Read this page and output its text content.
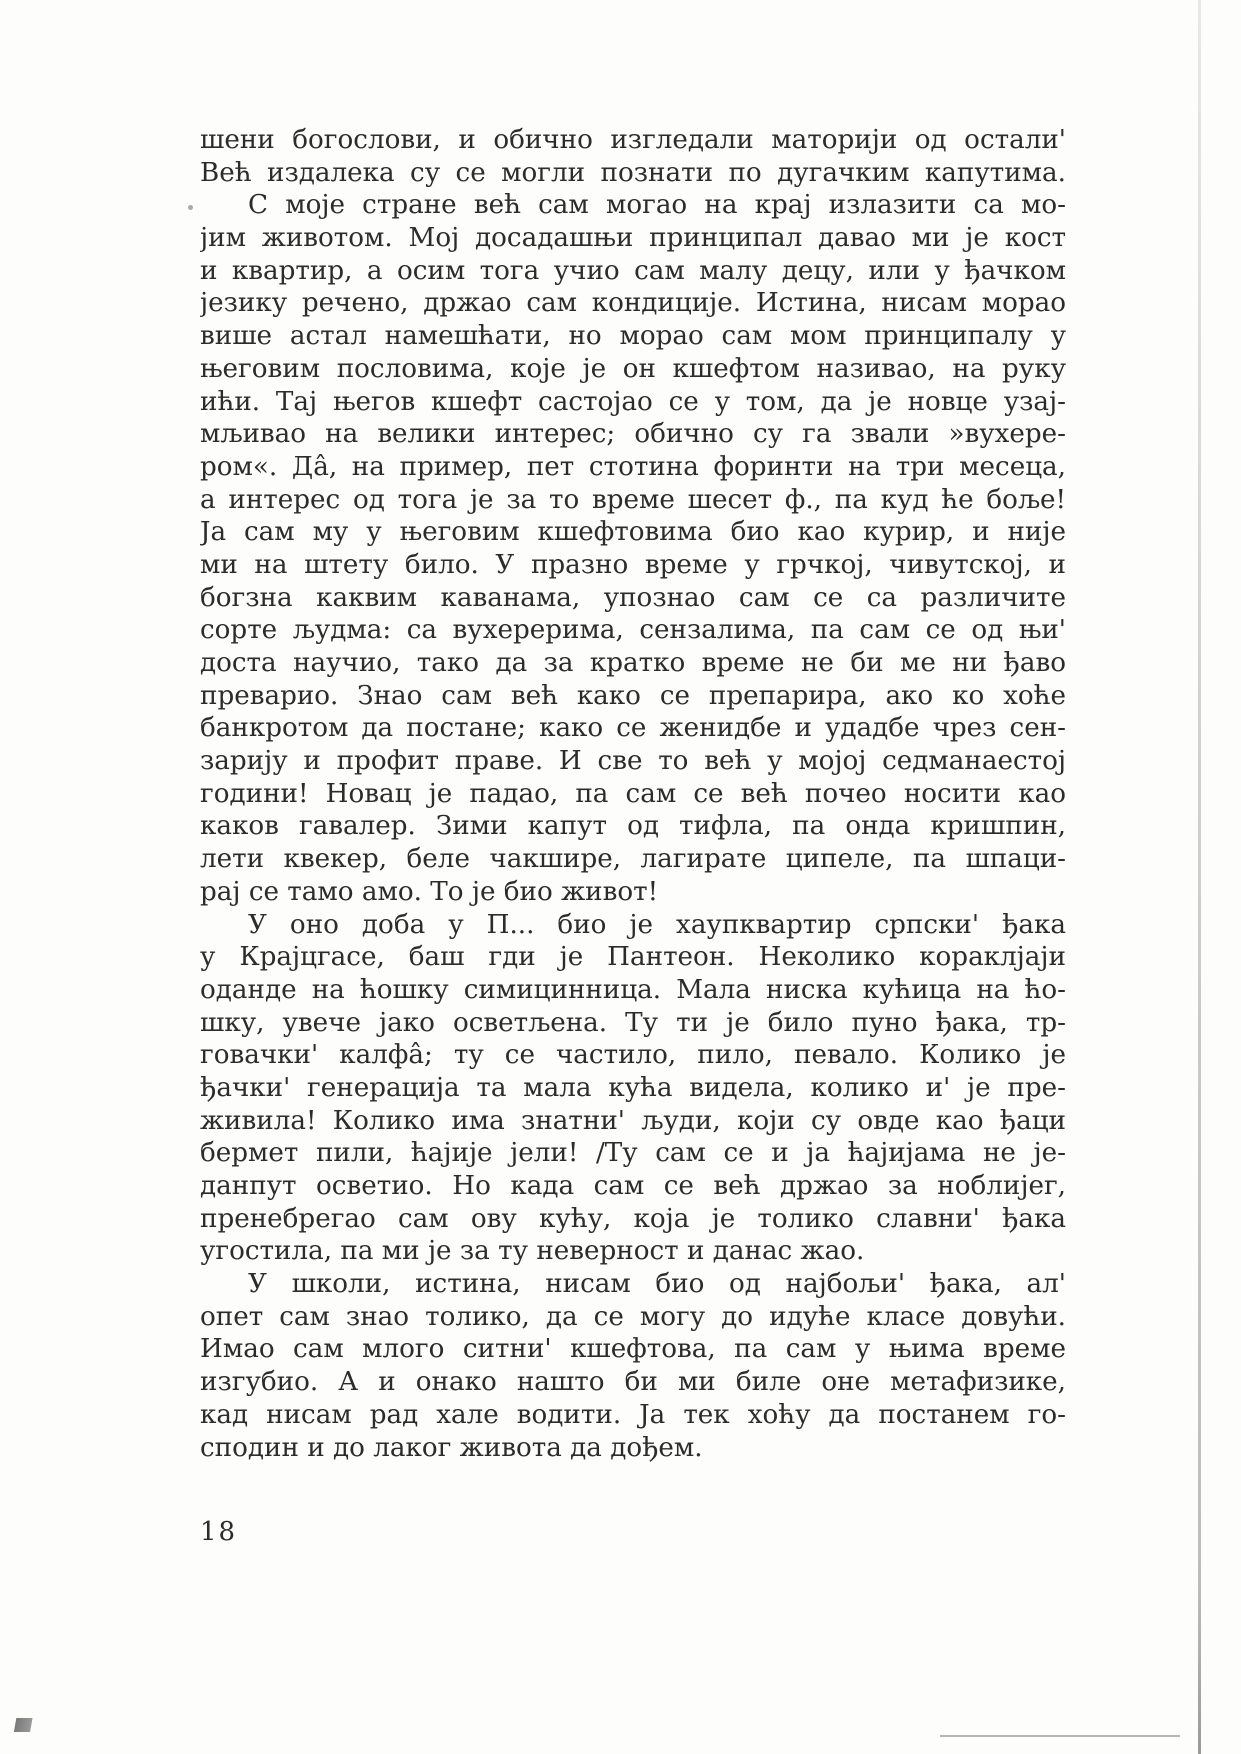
шени богослови, и обично изгледали маторији од остали'
Већ издалека су се могли познати по дугачким капутима.
С моје стране већ сам могао на крај излазити са мо-
јим животом. Мој досадашњи принципал давао ми је кост
и квартир, а осим тога учио сам малу децу, или у ђачком
језику речено, држао сам кондиције. Истина, нисам морао
више астал намешћати, но морао сам мом принципалу у
његовим пословима, које је он кшефтом називао, на руку
ићи. Тај његов кшефт састојао се у том, да је новце узај-
мљивао на велики интерес; обично су га звали »вухере-
ром«. Дâ, на пример, пет стотина форинти на три месеца,
а интерес од тога је за то време шесет ф., па куд ће боље!
Ја сам му у његовим кшефтовима био као курир, и није
ми на штету било. У празно време у грчкој, чивутској, и
богзна каквим каванама, упознао сам се са различите
сорте људма: са вухерерима, сензалима, па сам се од њи'
доста научио, тако да за кратко време не би ме ни ђаво
преварио. Знао сам већ како се препарира, ако ко хоће
банкротом да постане; како се женидбе и удадбе чрез сен-
зарију и профит праве. И све то већ у мојој седманаестој
години! Новац је падао, па сам се већ почео носити као
каков гавалер. Зими капут од тифла, па онда кришпин,
лети квекер, беле чакшире, лагирате ципеле, па шпаци-
рај се тамо амо. То је био живот!
У оно доба у П... био је хаупквартир српски' ђака
у Крајцгасе, баш гди је Пантеон. Неколико кораклјаји
оданде на ћошку симицинница. Мала ниска кућица на ћо-
шку, увече јако осветљена. Ту ти је било пуно ђака, тр-
говачки' калфâ; ту се частило, пило, певало. Колико је
ђачки' генерација та мала кућа видела, колико и' је пре-
живила! Колико има знатни' људи, који су овде као ђаци
бермет пили, ћајије јели! /Ту сам се и ја ћајијама не је-
данпут осветио. Но када сам се већ држао за ноблијег,
пренебрегао сам ову кућу, која је толико славни' ђака
угостила, па ми је за ту неверност и данас жао.
У школи, истина, нисам био од најбољи' ђака, ал'
опет сам знао толико, да се могу до идуће класе довући.
Имао сам млого ситни' кшефтова, па сам у њима време
изгубио. А и онако нашто би ми биле оне метафизике,
кад нисам рад хале водити. Ја тек хоћу да постанем го-
сподин и до лаког живота да дођем.
18
